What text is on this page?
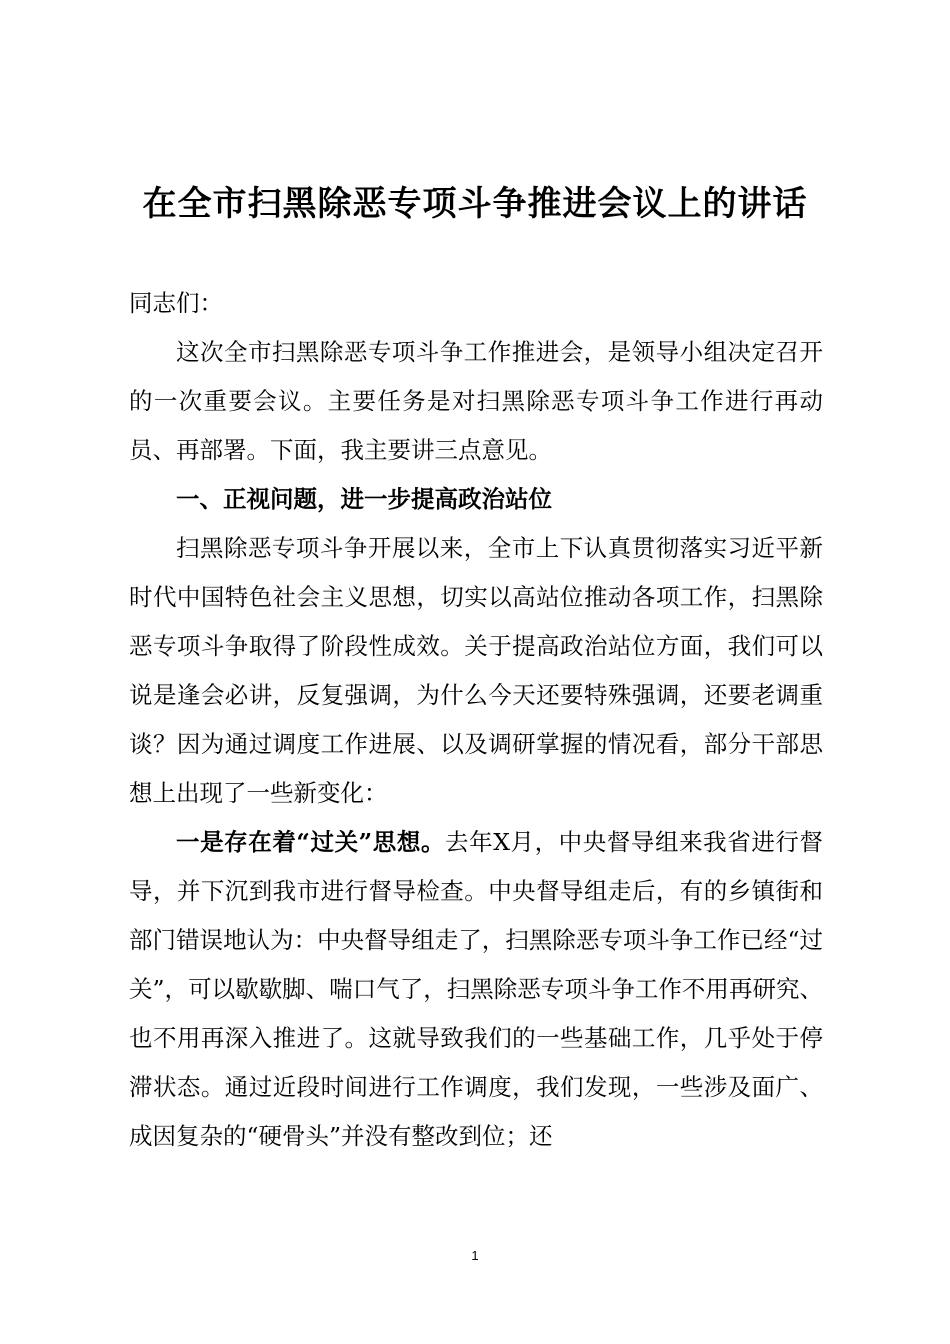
在全市扫黑除恶专项斗争推进会议上的讲话

同志们：

这次全市扫黑除恶专项斗争工作推进会，是领导小组决定召开的一次重要会议。主要任务是对扫黑除恶专项斗争工作进行再动员、再部署。下面，我主要讲三点意见。

一、正视问题，进一步提高政治站位

扫黑除恶专项斗争开展以来，全市上下认真贯彻落实习近平新时代中国特色社会主义思想，切实以高站位推动各项工作，扫黑除恶专项斗争取得了阶段性成效。关于提高政治站位方面，我们可以说是逢会必讲，反复强调，为什么今天还要特殊强调，还要老调重谈？因为通过调度工作进展、以及调研掌握的情况看，部分干部思想上出现了一些新变化：

一是存在着“过关”思想。去年X月，中央督导组来我省进行督导，并下沉到我市进行督导检查。中央督导组走后，有的乡镇街和部门错误地认为：中央督导组走了，扫黑除恶专项斗争工作已经“过关”，可以歇歇脚、喘口气了，扫黑除恶专项斗争工作不用再研究、也不用再深入推进了。这就导致我们的一些基础工作，几乎处于停滞状态。通过近段时间进行工作调度，我们发现，一些涉及面广、成因复杂的“硬骨头”并没有整改到位；还

1
